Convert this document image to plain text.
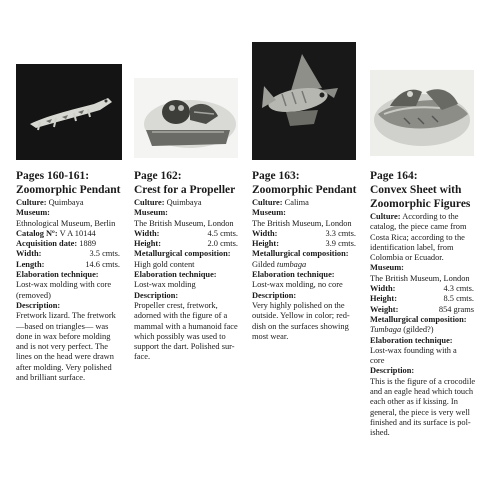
Pages 160-161:
Zoomorphic Pendant
Culture: Quimbaya
Museum:
Ethnological Museum, Berlin
Catalog Nº: V A 10144
Acquisition date: 1889
Width:	3.5 cmts.
Length:	14.6 cmts.
Elaboration technique:
Lost-wax molding with core
(removed)
Description:
Fretwork lizard. The fretwork
—based on triangles— was
done in wax before molding
and is not very perfect. The
lines on the head were drawn
after molding. Very polished
and brilliant surface.
Page 162:
Crest for a Propeller
Culture: Quimbaya
Museum:
The British Museum, London
Width:	4.5 cmts.
Height:	2.0 cmts.
Metallurgical composition:
High gold content
Elaboration technique:
Lost-wax molding
Description:
Propeller crest, fretwork,
adorned with the figure of a
mammal with a humanoid face
which possibly was used to
support the dart. Polished sur-
face.
Page 163:
Zoomorphic Pendant
Culture: Calima
Museum:
The British Museum, London
Width:	3.3 cmts.
Height:	3.9 cmts.
Metallurgical composition:
Gilded tumbaga
Elaboration technique:
Lost-wax molding, no core
Description:
Very highly polished on the
outside. Yellow in color; red-
dish on the surfaces showing
most wear.
Page 164:
Convex Sheet with
Zoomorphic Figures
Culture: According to the
catalog, the piece came from
Costa Rica; according to the
identification label, from
Colombia or Ecuador.
Museum:
The British Museum, London
Width:	4.3 cmts.
Height:	8.5 cmts.
Weight:	854 grams
Metallurgical composition:
Tumbaga (gilded?)
Elaboration technique:
Lost-wax founding with a
core
Description:
This is the figure of a crocodile
and an eagle head which touch
each other as if kissing. In
general, the piece is very well
finished and its surface is pol-
ished.
